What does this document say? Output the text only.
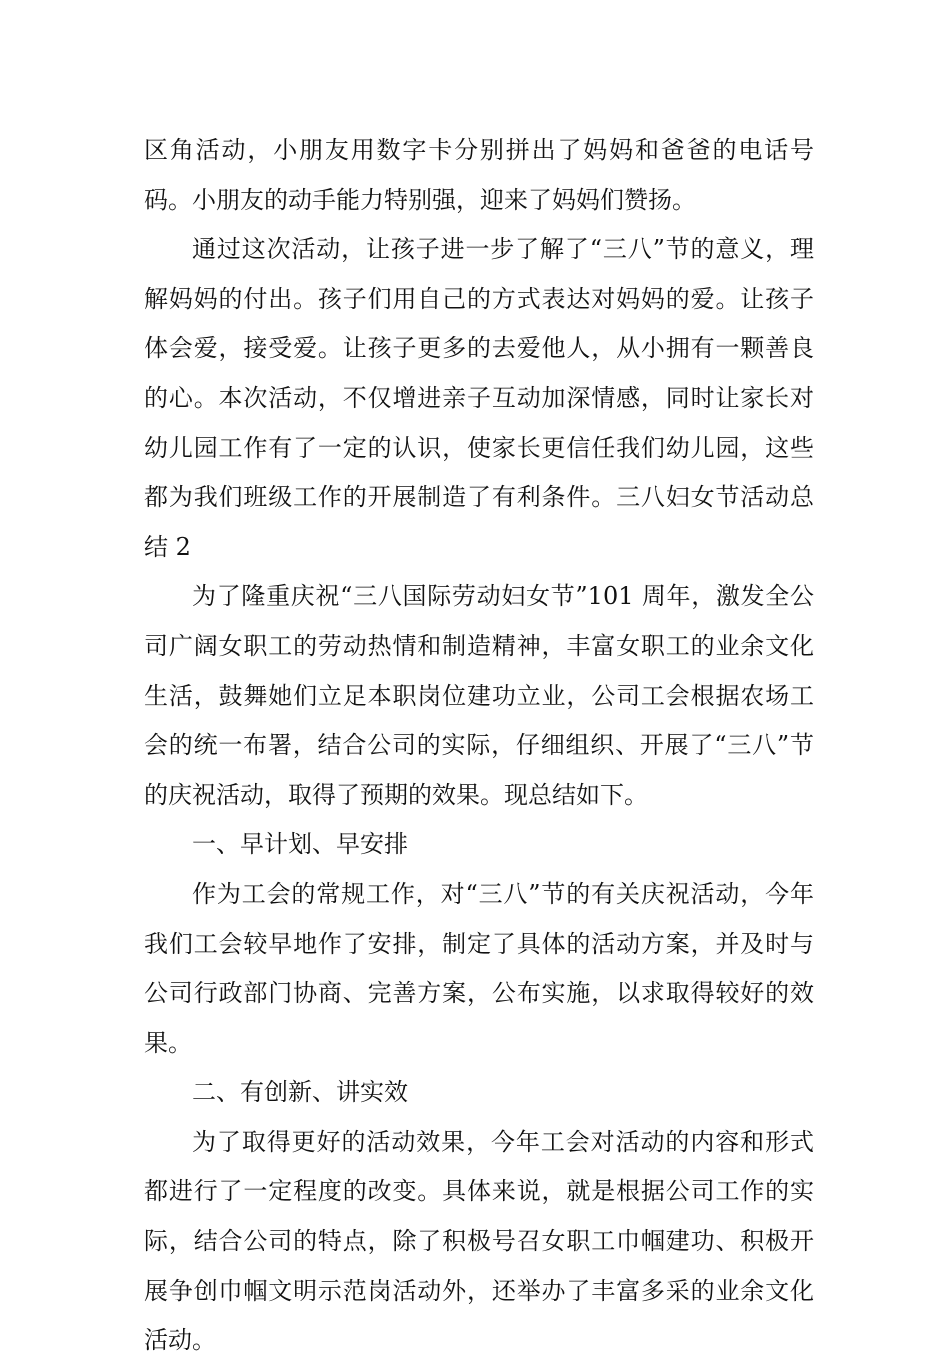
区角活动，小朋友用数字卡分别拼出了妈妈和爸爸的电话号码。小朋友的动手能力特别强，迎来了妈妈们赞扬。

通过这次活动，让孩子进一步了解了“三八”节的意义，理解妈妈的付出。孩子们用自己的方式表达对妈妈的爱。让孩子体会爱，接受爱。让孩子更多的去爱他人，从小拥有一颗善良的心。本次活动，不仅增进亲子互动加深情感，同时让家长对幼儿园工作有了一定的认识，使家长更信任我们幼儿园，这些都为我们班级工作的开展制造了有利条件。三八妇女节活动总结 2

为了隆重庆祝“三八国际劳动妇女节”101 周年，激发全公司广阔女职工的劳动热情和制造精神，丰富女职工的业余文化生活，鼓舞她们立足本职岗位建功立业，公司工会根据农场工会的统一布署，结合公司的实际，仔细组织、开展了“三八”节的庆祝活动，取得了预期的效果。现总结如下。

一、早计划、早安排

作为工会的常规工作，对“三八”节的有关庆祝活动，今年我们工会较早地作了安排，制定了具体的活动方案，并及时与公司行政部门协商、完善方案，公布实施，以求取得较好的效果。

二、有创新、讲实效

为了取得更好的活动效果，今年工会对活动的内容和形式都进行了一定程度的改变。具体来说，就是根据公司工作的实际，结合公司的特点，除了积极号召女职工巾帼建功、积极开展争创巾帼文明示范岗活动外，还举办了丰富多采的业余文化活动。
